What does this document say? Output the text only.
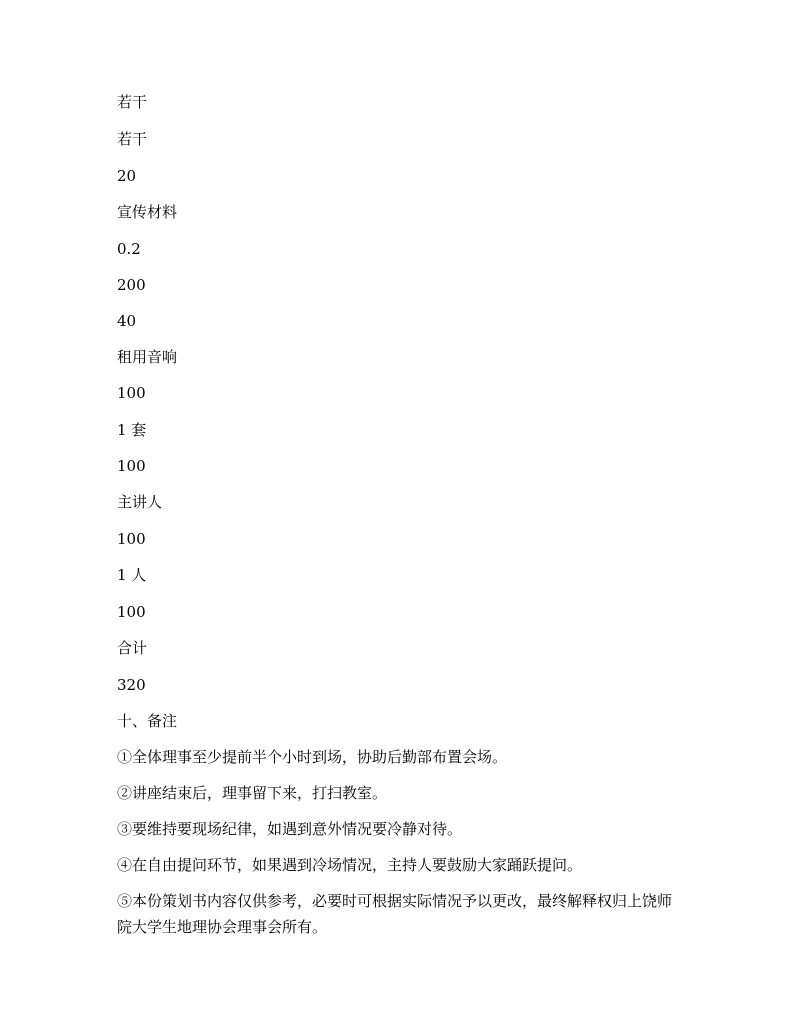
若干

若干

20

宣传材料

0.2

200

40

租用音响

100

1 套

100

主讲人

100

1 人

100

合计

320

十、备注

①全体理事至少提前半个小时到场，协助后勤部布置会场。

②讲座结束后，理事留下来，打扫教室。

③要维持要现场纪律，如遇到意外情况要冷静对待。

④在自由提问环节，如果遇到冷场情况，主持人要鼓励大家踊跃提问。

⑤本份策划书内容仅供参考，必要时可根据实际情况予以更改，最终解释权归上饶师院大学生地理协会理事会所有。
